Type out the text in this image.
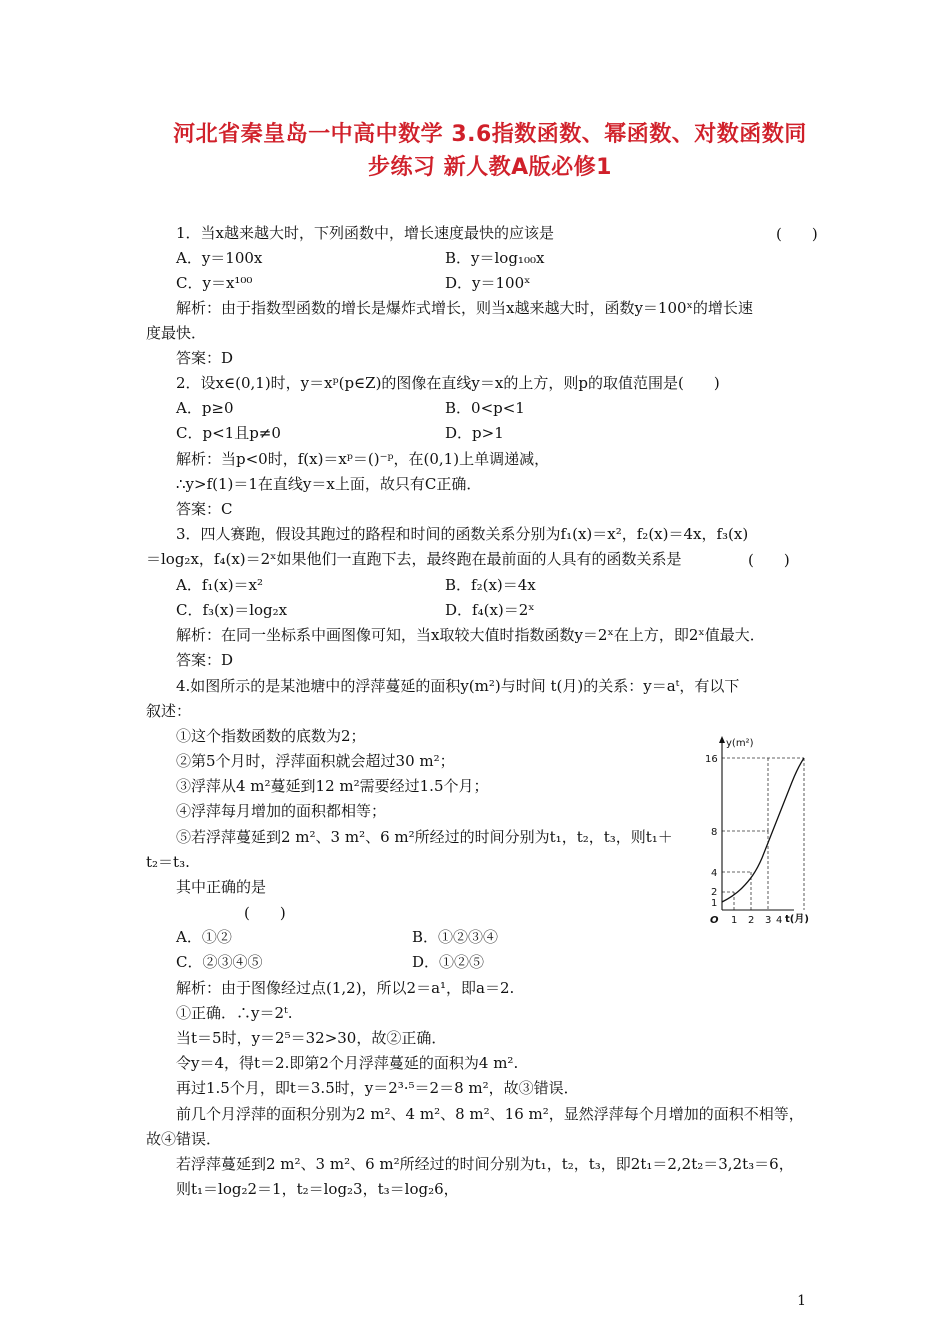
河北省秦皇岛一中高中数学 3.6指数函数、幂函数、对数函数同
步练习 新人教A版必修1
1．当x越来越大时，下列函数中，增长速度最快的应该是	(　　)
A．y＝100x	B．y＝log₁₀₀x
C．y＝x¹⁰⁰	D．y＝100ˣ
解析：由于指数型函数的增长是爆炸式增长，则当x越来越大时，函数y＝100ˣ的增长速
度最快．
答案：D
2．设x∈(0,1)时，y＝xᵖ(p∈Z)的图像在直线y＝x的上方，则p的取值范围是(　　)
A．p≥0	B．0<p<1
C．p<1且p≠0	D．p>1
解析：当p<0时，f(x)＝xᵖ＝()⁻ᵖ，在(0,1)上单调递减，
∴y>f(1)＝1在直线y＝x上面，故只有C正确．
答案：C
3．四人赛跑，假设其跑过的路程和时间的函数关系分别为f₁(x)＝x²，f₂(x)＝4x，f₃(x)
＝log₂x，f₄(x)＝2ˣ如果他们一直跑下去，最终跑在最前面的人具有的函数关系是	(　　)
A．f₁(x)＝x²	B．f₂(x)＝4x
C．f₃(x)＝log₂x	D．f₄(x)＝2ˣ
解析：在同一坐标系中画图像可知，当x取较大值时指数函数y＝2ˣ在上方，即2ˣ值最大．
答案：D
4.如图所示的是某池塘中的浮萍蔓延的面积y(m²)与时间 t(月)的关系：y＝aᵗ，有以下
叙述：
①这个指数函数的底数为2；
②第5个月时，浮萍面积就会超过30 m²；
③浮萍从4 m²蔓延到12 m²需要经过1.5个月；
④浮萍每月增加的面积都相等；
⑤若浮萍蔓延到2 m²、3 m²、6 m²所经过的时间分别为t₁，t₂，t₃，则t₁＋
t₂＝t₃.
其中正确的是
(　　)
A．①②	B．①②③④
C．②③④⑤	D．①②⑤
解析：由于图像经过点(1,2)，所以2＝a¹，即a＝2.
①正确．∴y＝2ᵗ.
当t＝5时，y＝2⁵＝32>30，故②正确．
令y＝4，得t＝2.即第2个月浮萍蔓延的面积为4 m².
再过1.5个月，即t＝3.5时，y＝2³·⁵＝2＝8 m²，故③错误．
前几个月浮萍的面积分别为2 m²、4 m²、8 m²、16 m²，显然浮萍每个月增加的面积不相等，
故④错误．
若浮萍蔓延到2 m²、3 m²、6 m²所经过的时间分别为t₁，t₂，t₃，即2t₁＝2,2t₂＝3,2t₃＝6，
则t₁＝log₂2＝1，t₂＝log₂3，t₃＝log₂6，
y(m²)
t(月)
O
16
8
4
2
1
1 2 3 4
1
